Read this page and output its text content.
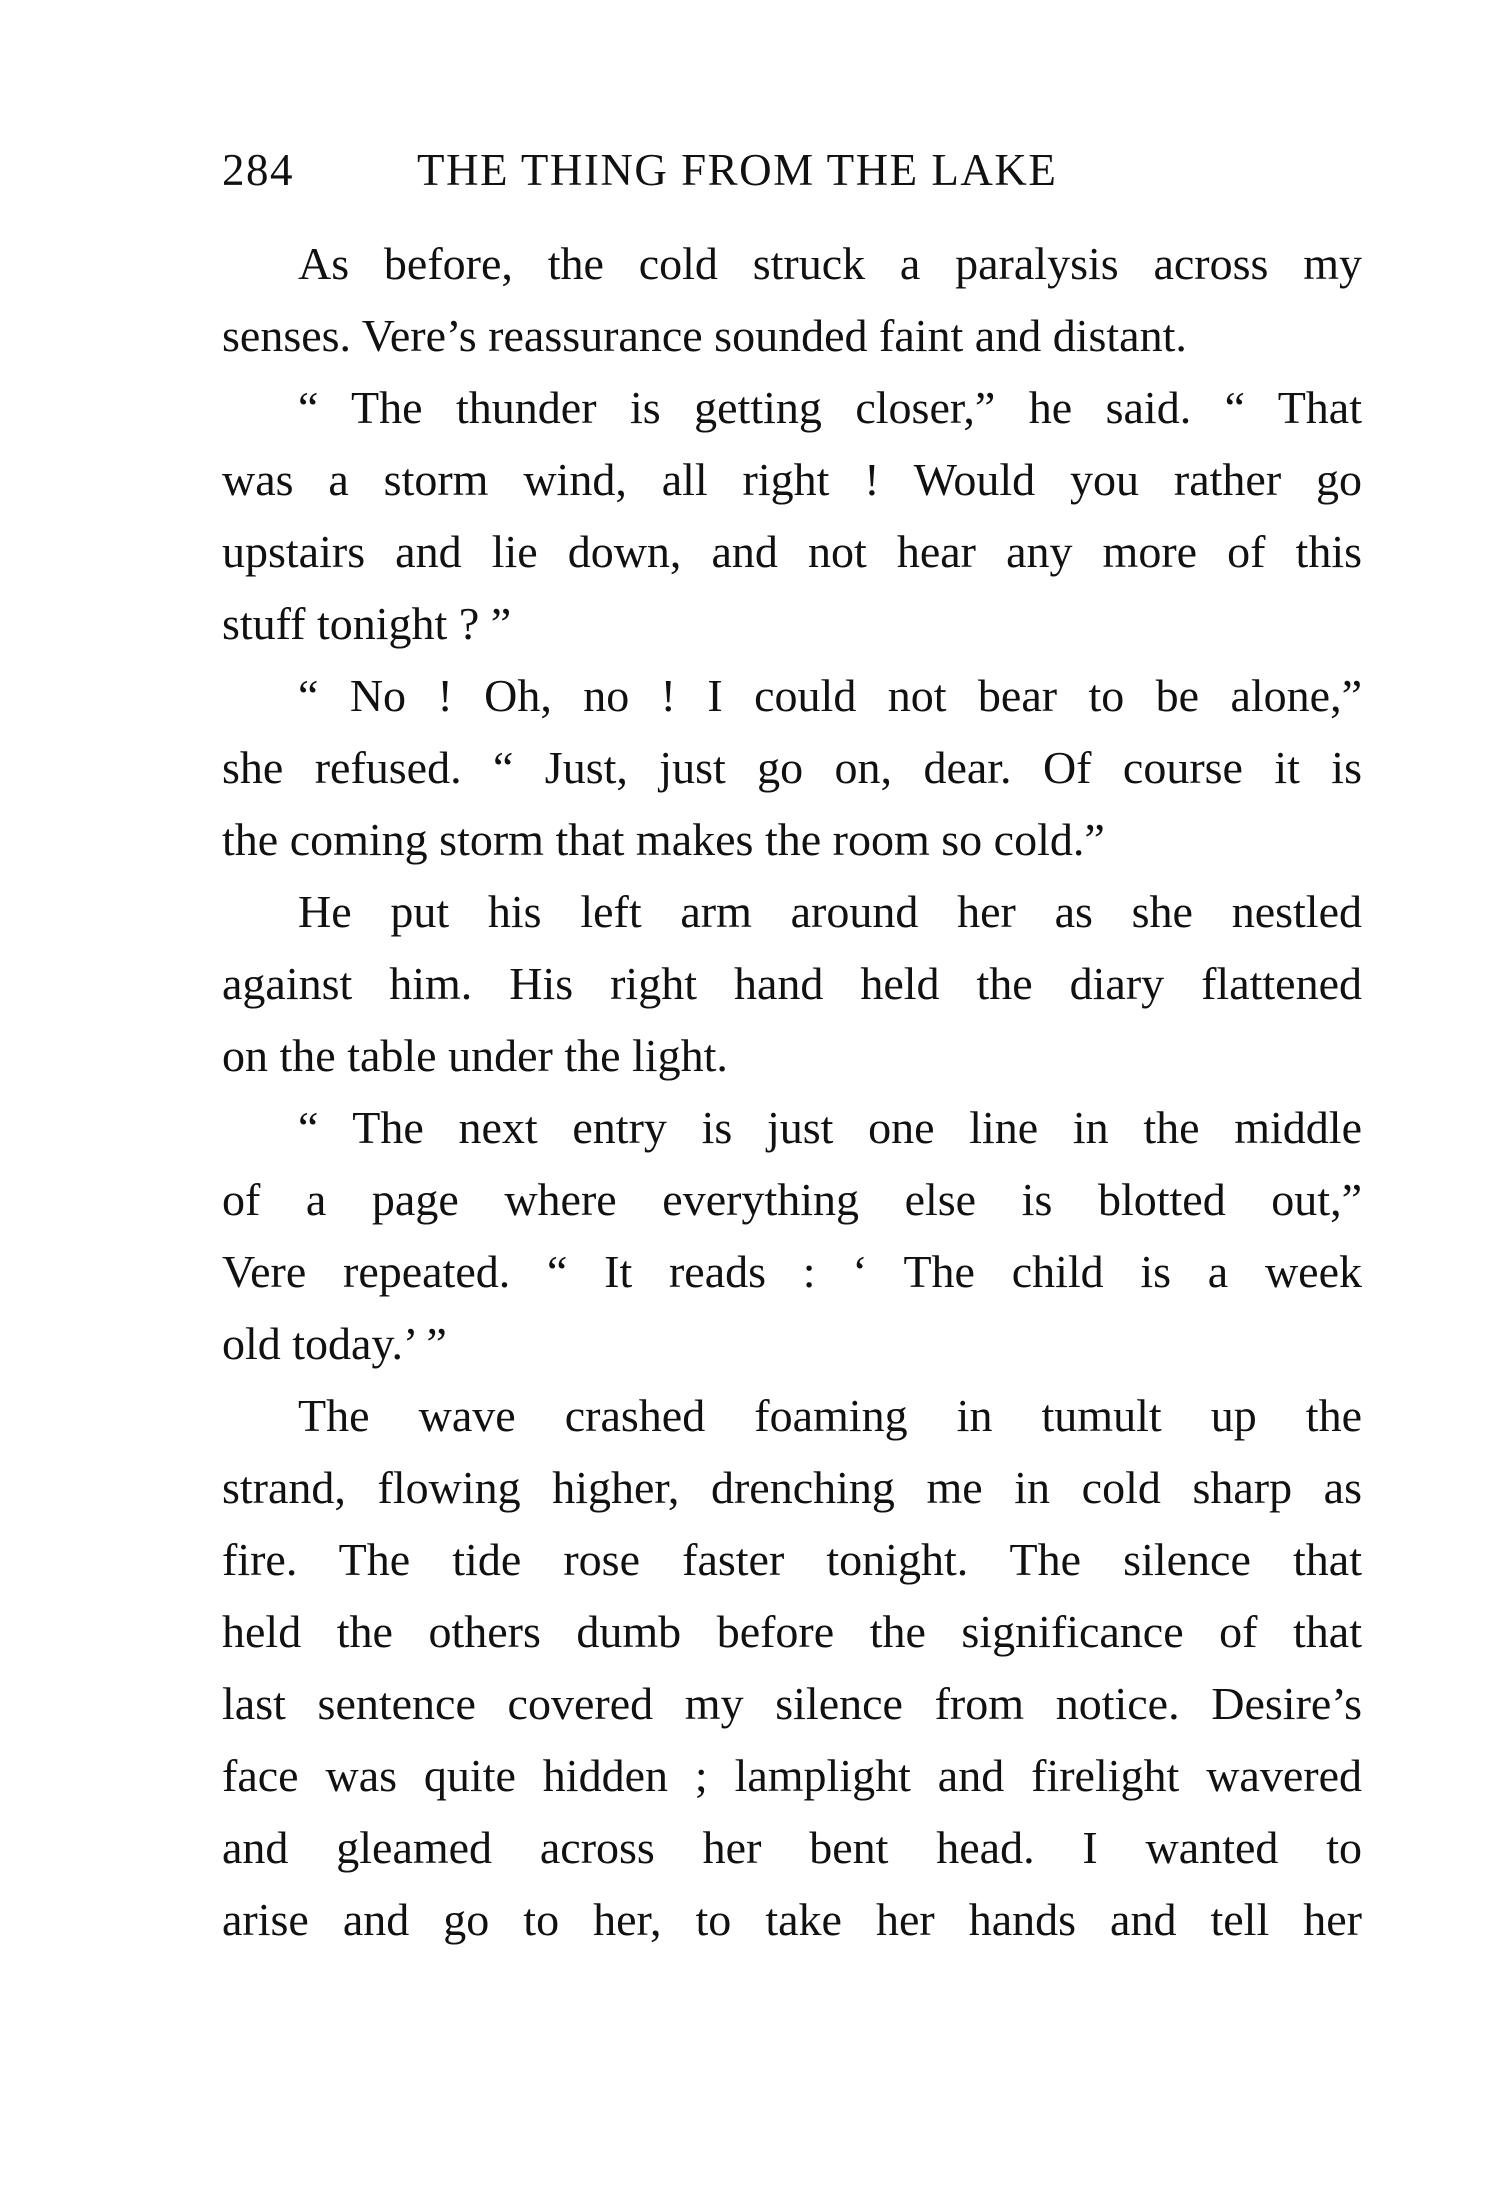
284	THE THING FROM THE LAKE
As before, the cold struck a paralysis across my
senses. Vere’s reassurance sounded faint and distant.
“ The thunder is getting closer,” he said. “ That
was a storm wind, all right ! Would you rather go
upstairs and lie down, and not hear any more of this
stuff tonight ? ”
“ No ! Oh, no ! I could not bear to be alone,”
she refused. “ Just, just go on, dear. Of course it is
the coming storm that makes the room so cold.”
He put his left arm around her as she nestled
against him. His right hand held the diary flattened
on the table under the light.
“ The next entry is just one line in the middle
of a page where everything else is blotted out,”
Vere repeated. “ It reads : ‘ The child is a week
old today.’ ”
The wave crashed foaming in tumult up the
strand, flowing higher, drenching me in cold sharp as
fire. The tide rose faster tonight. The silence that
held the others dumb before the significance of that
last sentence covered my silence from notice. Desire’s
face was quite hidden ; lamplight and firelight wavered
and gleamed across her bent head. I wanted to
arise and go to her, to take her hands and tell her
